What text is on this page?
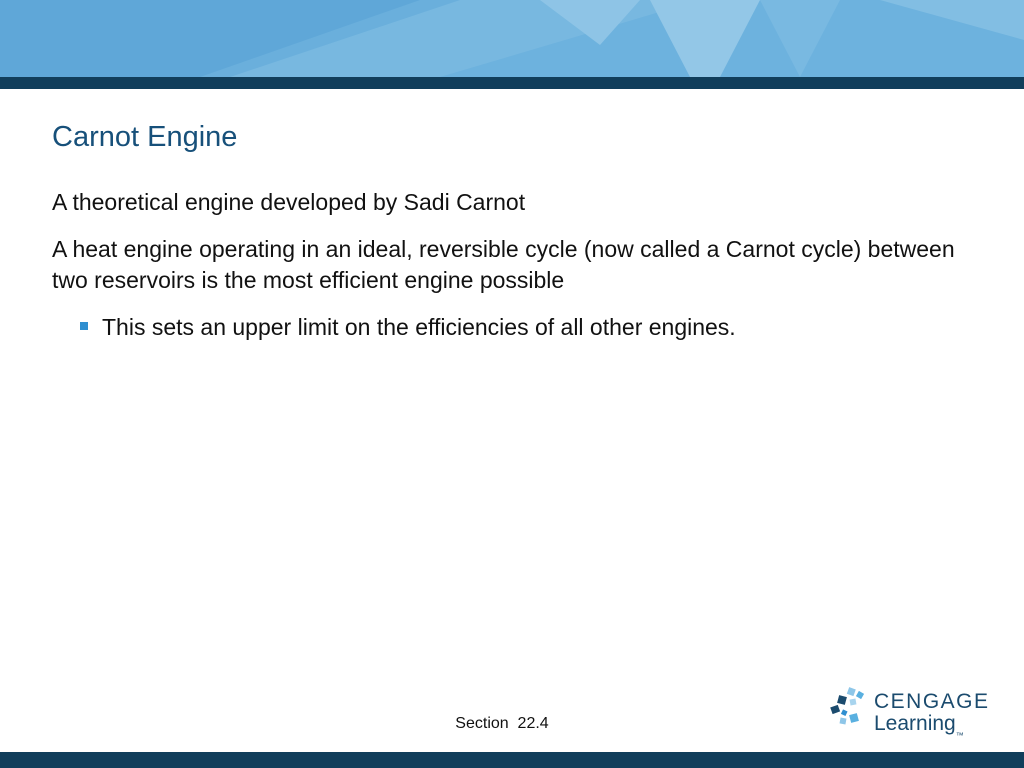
Carnot Engine
A theoretical engine developed by Sadi Carnot
A heat engine operating in an ideal, reversible cycle (now called a Carnot cycle) between two reservoirs is the most efficient engine possible
This sets an upper limit on the efficiencies of all other engines.
Section  22.4
CENGAGE
Learning™
